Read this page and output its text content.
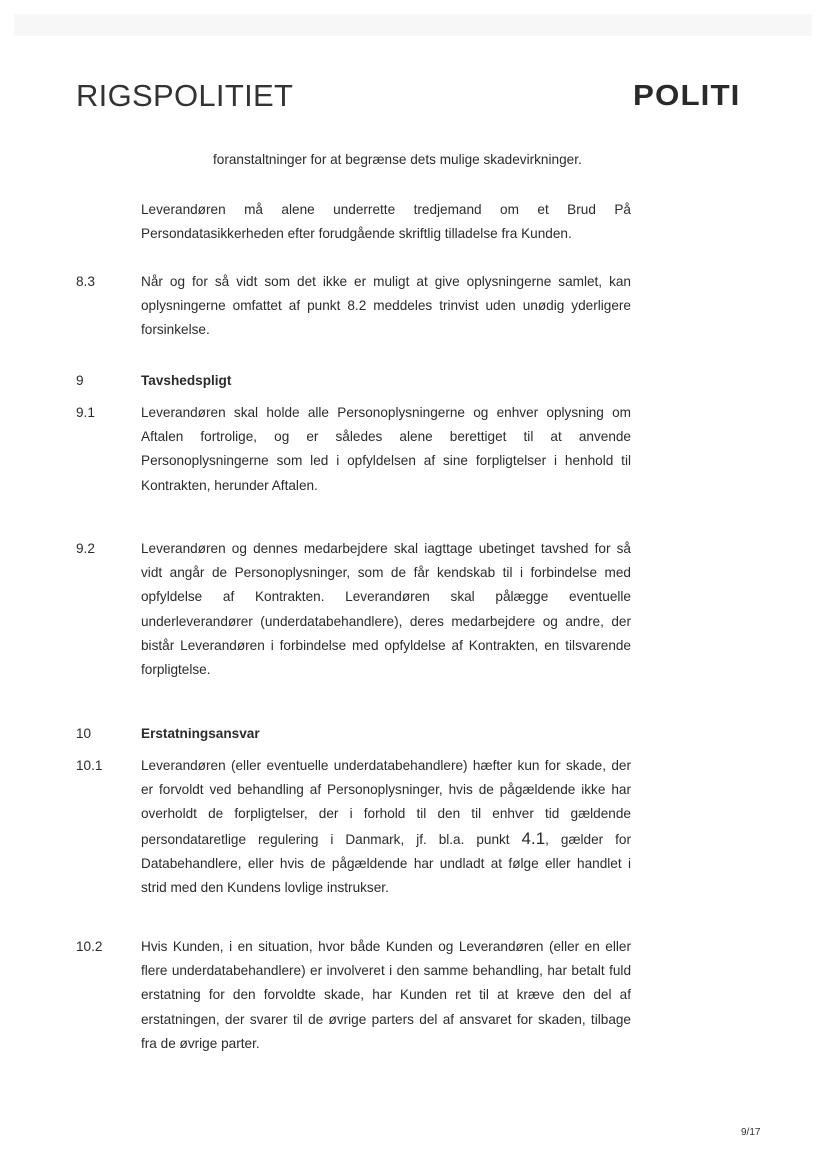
RIGSPOLITIET	POLITI

foranstaltninger for at begrænse dets mulige skadevirkninger.

Leverandøren må alene underrette tredjemand om et Brud På Persondatasikkerheden efter forudgående skriftlig tilladelse fra Kunden.

8.3	Når og for så vidt som det ikke er muligt at give oplysningerne samlet, kan oplysningerne omfattet af punkt 8.2 meddeles trinvist uden unødig yderligere forsinkelse.

9	Tavshedspligt
9.1	Leverandøren skal holde alle Personoplysningerne og enhver oplysning om Aftalen fortrolige, og er således alene berettiget til at anvende Personoplysningerne som led i opfyldelsen af sine forpligtelser i henhold til Kontrakten, herunder Aftalen.

9.2	Leverandøren og dennes medarbejdere skal iagttage ubetinget tavshed for så vidt angår de Personoplysninger, som de får kendskab til i forbindelse med opfyldelse af Kontrakten. Leverandøren skal pålægge eventuelle underleverandører (underdatabehandlere), deres medarbejdere og andre, der bistår Leverandøren i forbindelse med opfyldelse af Kontrakten, en tilsvarende forpligtelse.

10	Erstatningsansvar
10.1	Leverandøren (eller eventuelle underdatabehandlere) hæfter kun for skade, der er forvoldt ved behandling af Personoplysninger, hvis de pågældende ikke har overholdt de forpligtelser, der i forhold til den til enhver tid gældende persondataretlige regulering i Danmark, jf. bl.a. punkt 4.1, gælder for Databehandlere, eller hvis de pågældende har undladt at følge eller handlet i strid med den Kundens lovlige instrukser.

10.2	Hvis Kunden, i en situation, hvor både Kunden og Leverandøren (eller en eller flere underdatabehandlere) er involveret i den samme behandling, har betalt fuld erstatning for den forvoldte skade, har Kunden ret til at kræve den del af erstatningen, der svarer til de øvrige parters del af ansvaret for skaden, tilbage fra de øvrige parter.

9/17
